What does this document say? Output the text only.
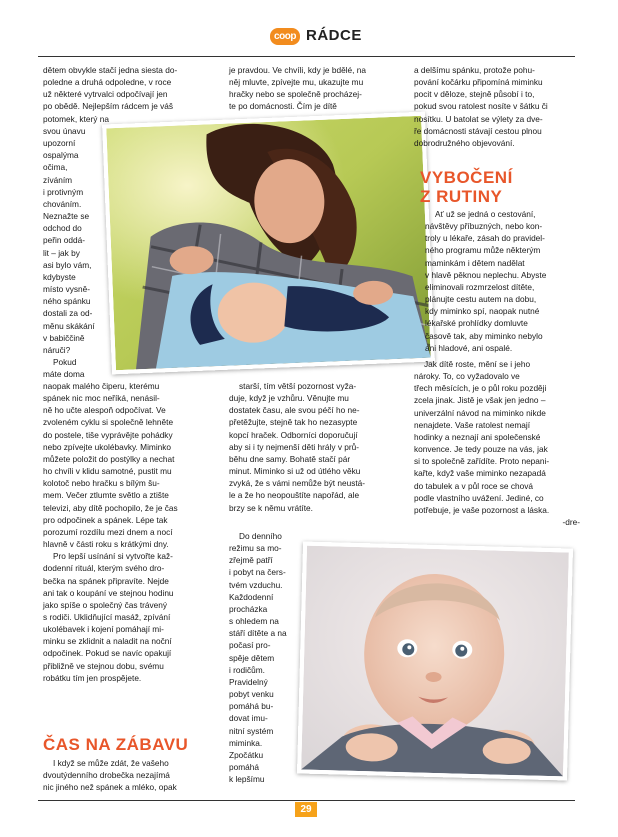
coop RÁDCE

dětem obvykle stačí jedna siesta do-

poledne a druhá odpoledne, v roce

už některé vytrvalci odpočívají jen

po obědě. Nejlepším rádcem je váš

potomek, který na

svou únavu

upozorní

ospalýma

očima,

zíváním

i protivným

chováním.

Neznažte se

odchod do

peřin oddá-

lit – jak by

asi bylo vám,

kdybyste

místo vysně-

ného spánku

dostali za od-

měnu skákání

v babiččině

náruči?

Pokud

máte doma

naopak malého čiperu, kterému

spánek nic moc neříká, nenásil-

ně ho učte alespoň odpočívat. Ve

zvoleném cyklu si společně lehněte

do postele, tiše vyprávějte pohádky

nebo zpívejte ukolébavky. Miminko

můžete položit do postýlky a nechat

ho chvíli v klidu samotné, pustit mu

kolotoč nebo hračku s bílým šu-

mem. Večer ztlumte světlo a ztište

televizi, aby dítě pochopilo, že je čas

pro odpočinek a spánek. Lépe tak

porozumí rozdílu mezi dnem a nocí

hlavně v části roku s krátkými dny.

Pro lepší usínání si vytvořte kaž-

dodenní rituál, kterým svého dro-

bečka na spánek připravíte. Nejde

ani tak o koupání ve stejnou hodinu

jako spíše o společný čas trávený

s rodiči. Uklidňující masáž, zpívání

ukolébavek i kojení pomáhají mi-

minku se zklidnit a naladit na noční

odpočinek. Pokud se navíc opakují

přibližně ve stejnou dobu, svému

robátku tím jen prospějete.

ČAS NA ZÁBAVU

I když se může zdát, že vašeho

dvoutýdenního drobečka nezajímá

nic jiného než spánek a mléko, opak

je pravdou. Ve chvíli, kdy je bdělé, na

něj mluvte, zpívejte mu, ukazujte mu

hračky nebo se společně procházej-

te po domácnosti. Čím je dítě

starší, tím větší pozornost vyža-

duje, když je vzhůru. Věnujte mu

dostatek času, ale svou péčí ho ne-

přetěžujte, stejně tak ho nezasypte

kopcí hraček. Odborníci doporučují

aby si i ty nejmenší děti hrály v prů-

běhu dne samy. Bohatě stačí pár

minut. Miminko si už od útlého věku

zvyká, že s vámi nemůže být neustá-

le a že ho neopouštíte napořád, ale

brzy se k němu vrátíte.

Do denního

režimu sa mo-

zřejmě patří

i pobyt na čers-

tvém vzduchu.

Každodenní

procházka

s ohledem na

stáří dítěte a na

počasí pro-

spěje dětem

i rodičům.

Pravidelný

pobyt venku

pomáhá bu-

dovat imu-

nitní systém

miminka.

Zpočátku

pomáhá

k lepšímu

a delšímu spánku, protože pohu-

pování kočárku připomíná miminku

pocit v děloze, stejně působí i to,

pokud svou ratolest nosíte v šátku či

nosítku. U batolat se výlety za dve-

ře domácnosti stávají cestou plnou

dobrodružného objevování.

VYBOČENÍ
Z RUTINY

Ať už se jedná o cestování,

návštěvy příbuzných, nebo kon-

troly u lékaře, zásah do pravidel-

ného programu může některým

maminkám i dětem nadělat

v hlavě pěknou neplechu. Abyste

eliminovali rozmrzelost dítěte,

plánujte cestu autem na dobu,

kdy miminko spí, naopak nutné

lékařské prohlídky domluvte

časově tak, aby miminko nebylo

ani hladové, ani ospalé.

Jak dítě roste, mění se i jeho

nároky. To, co vyžadovalo ve

třech měsících, je o půl roku později

zcela jinak. Jistě je však jen jedno –

univerzální návod na miminko nikde

nenajdete. Vaše ratolest nemají

hodinky a neznají ani společenské

konvence. Je tedy pouze na vás, jak

si to společně zařídíte. Proto nepani-

kařte, když vaše miminko nezapadá

do tabulek a v půl roce se chová

podle vlastního uvážení. Jediné, co

potřebuje, je vaše pozornost a láska.

-dre-

29
